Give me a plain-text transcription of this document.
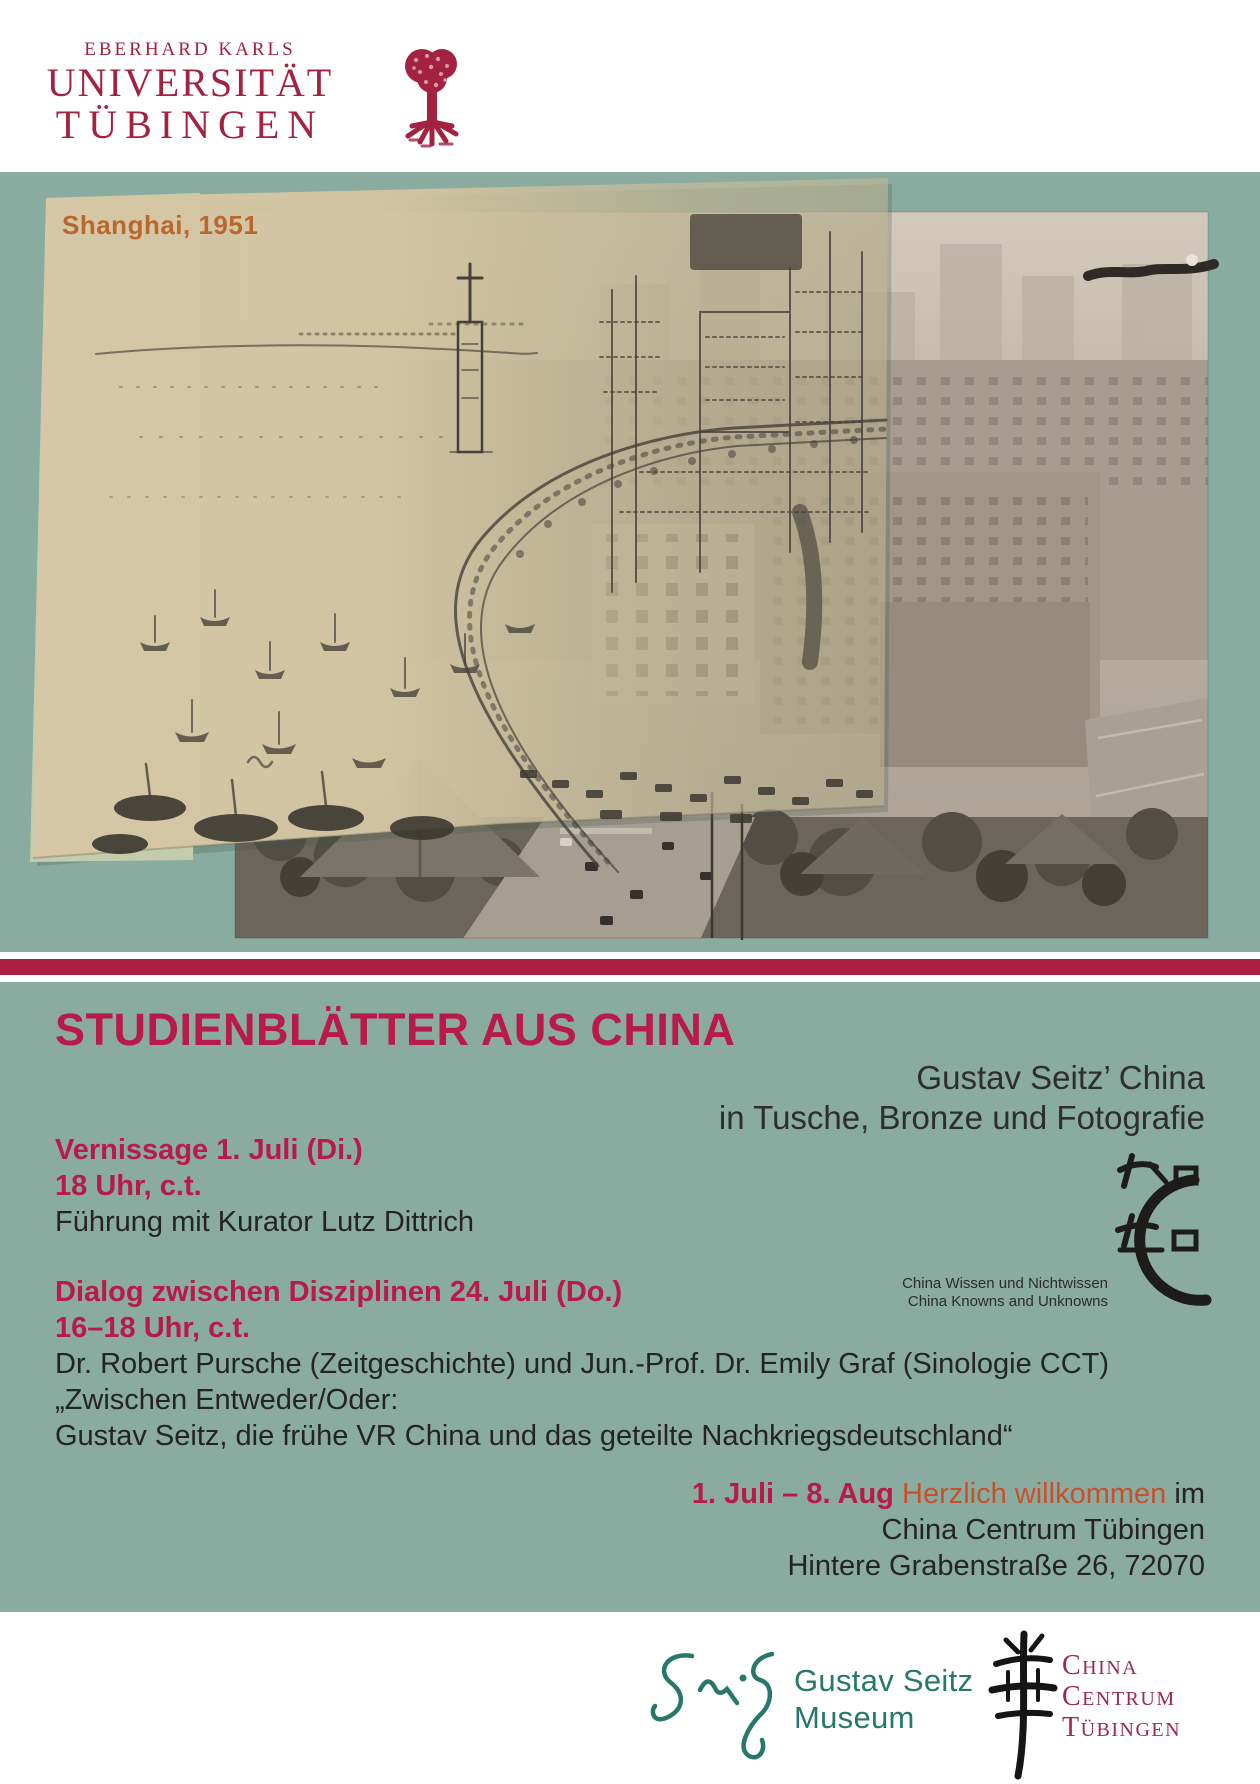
EBERHARD KARLS
UNIVERSITÄT
TÜBINGEN
Shanghai, 1951
STUDIENBLÄTTER AUS CHINA
Gustav Seitz’ China
in Tusche, Bronze und Fotografie
Vernissage 1. Juli (Di.)
18 Uhr, c.t.
Führung mit Kurator Lutz Dittrich
Dialog zwischen Disziplinen 24. Juli (Do.)
16–18 Uhr, c.t.
Dr. Robert Pursche (Zeitgeschichte) und Jun.-Prof. Dr. Emily Graf (Sinologie CCT)
„Zwischen Entweder/Oder:
Gustav Seitz, die frühe VR China und das geteilte Nachkriegsdeutschland“
China Wissen und Nichtwissen
China Knowns and Unknowns
1. Juli – 8. Aug Herzlich willkommen im
China Centrum Tübingen
Hintere Grabenstraße 26, 72070
Gustav Seitz
Museum
China
Centrum
Tübingen
